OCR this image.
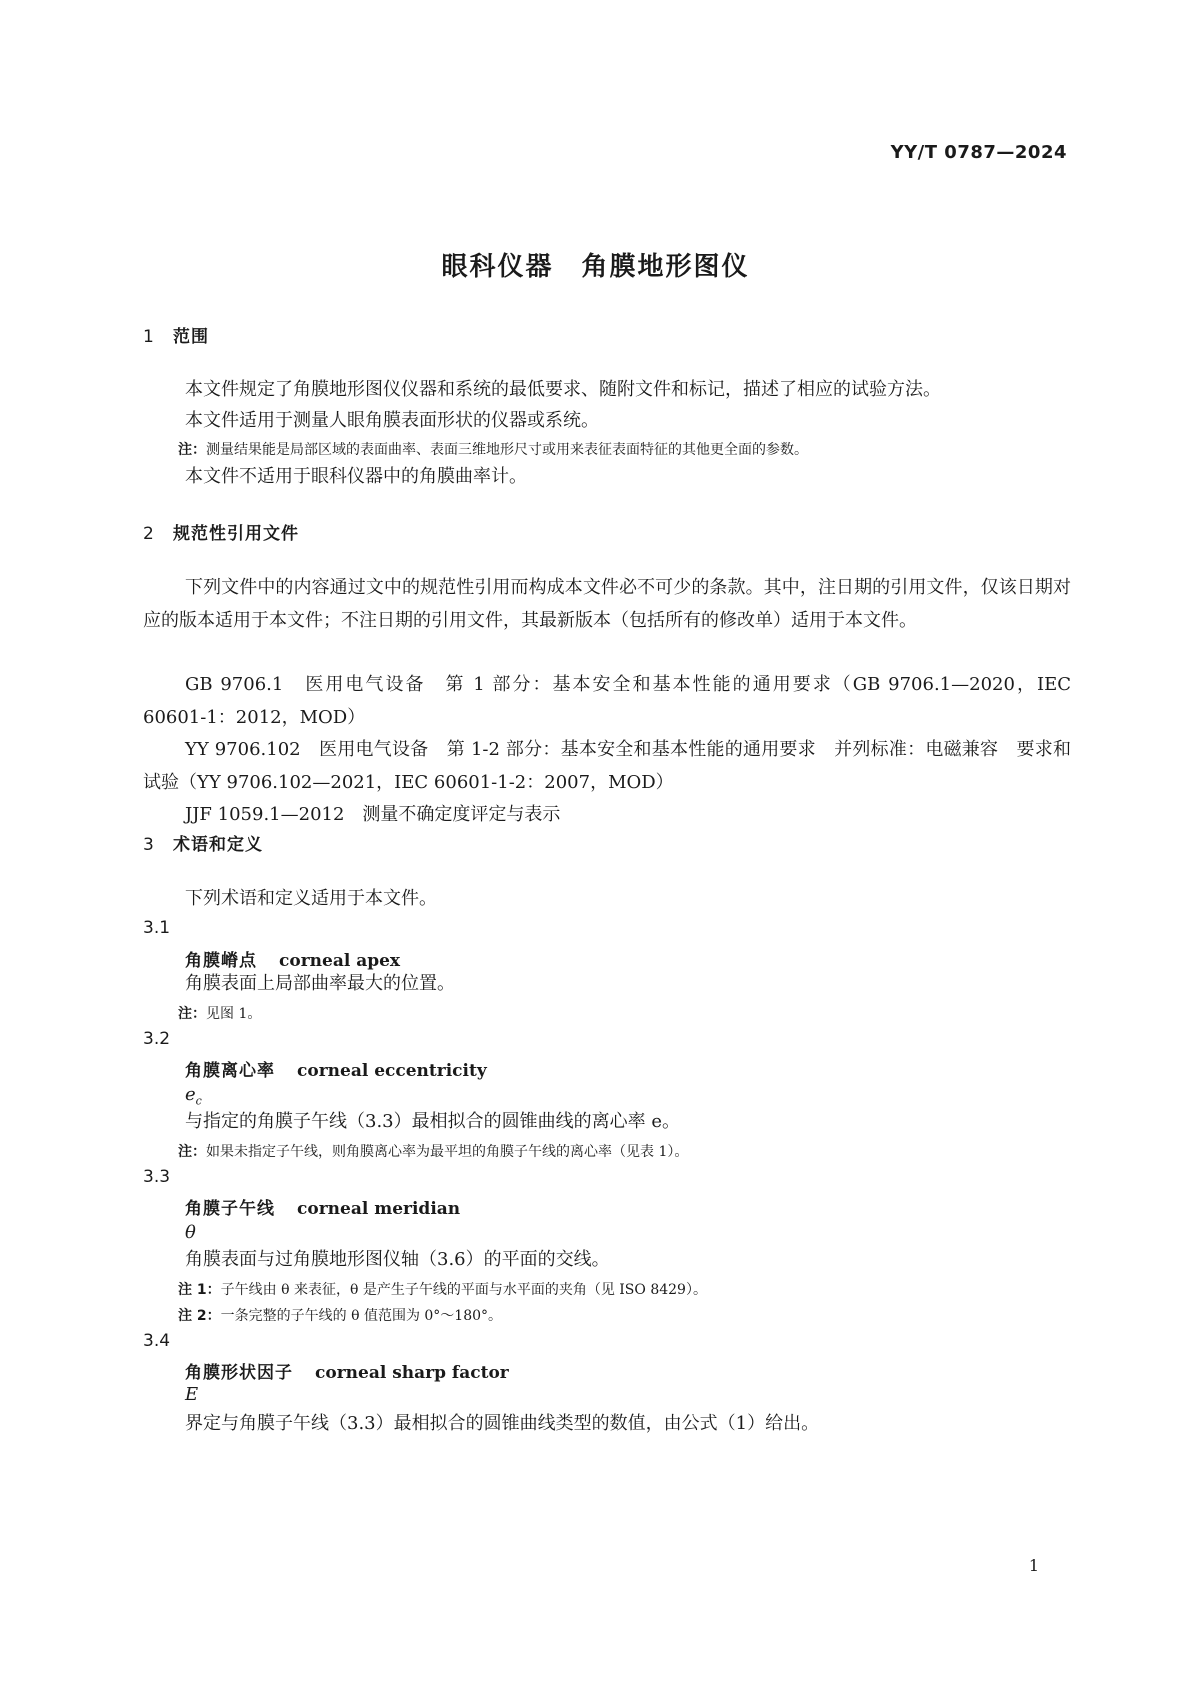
YY/T 0787—2024
眼科仪器　角膜地形图仪
1 范围
本文件规定了角膜地形图仪仪器和系统的最低要求、随附文件和标记，描述了相应的试验方法。
本文件适用于测量人眼角膜表面形状的仪器或系统。
注：测量结果能是局部区域的表面曲率、表面三维地形尺寸或用来表征表面特征的其他更全面的参数。
本文件不适用于眼科仪器中的角膜曲率计。
2 规范性引用文件
下列文件中的内容通过文中的规范性引用而构成本文件必不可少的条款。其中，注日期的引用文件，仅该日期对应的版本适用于本文件；不注日期的引用文件，其最新版本（包括所有的修改单）适用于本文件。
GB 9706.1　医用电气设备　第 1 部分：基本安全和基本性能的通用要求（GB 9706.1—2020，IEC 60601-1：2012，MOD）
YY 9706.102　医用电气设备　第 1-2 部分：基本安全和基本性能的通用要求　并列标准：电磁兼容　要求和试验（YY 9706.102—2021，IEC 60601-1-2：2007，MOD）
JJF 1059.1—2012　测量不确定度评定与表示
3 术语和定义
下列术语和定义适用于本文件。
3.1
角膜嵴点 corneal apex
角膜表面上局部曲率最大的位置。
注：见图 1。
3.2
角膜离心率 corneal eccentricity
$e_c$
与指定的角膜子午线（3.3）最相拟合的圆锥曲线的离心率 e。
注：如果未指定子午线，则角膜离心率为最平坦的角膜子午线的离心率（见表 1）。
3.3
角膜子午线 corneal meridian
θ
角膜表面与过角膜地形图仪轴（3.6）的平面的交线。
注 1：子午线由 θ 来表征，θ 是产生子午线的平面与水平面的夹角（见 ISO 8429）。
注 2：一条完整的子午线的 θ 值范围为 0°～180°。
3.4
角膜形状因子 corneal sharp factor
E
界定与角膜子午线（3.3）最相拟合的圆锥曲线类型的数值，由公式（1）给出。
1
